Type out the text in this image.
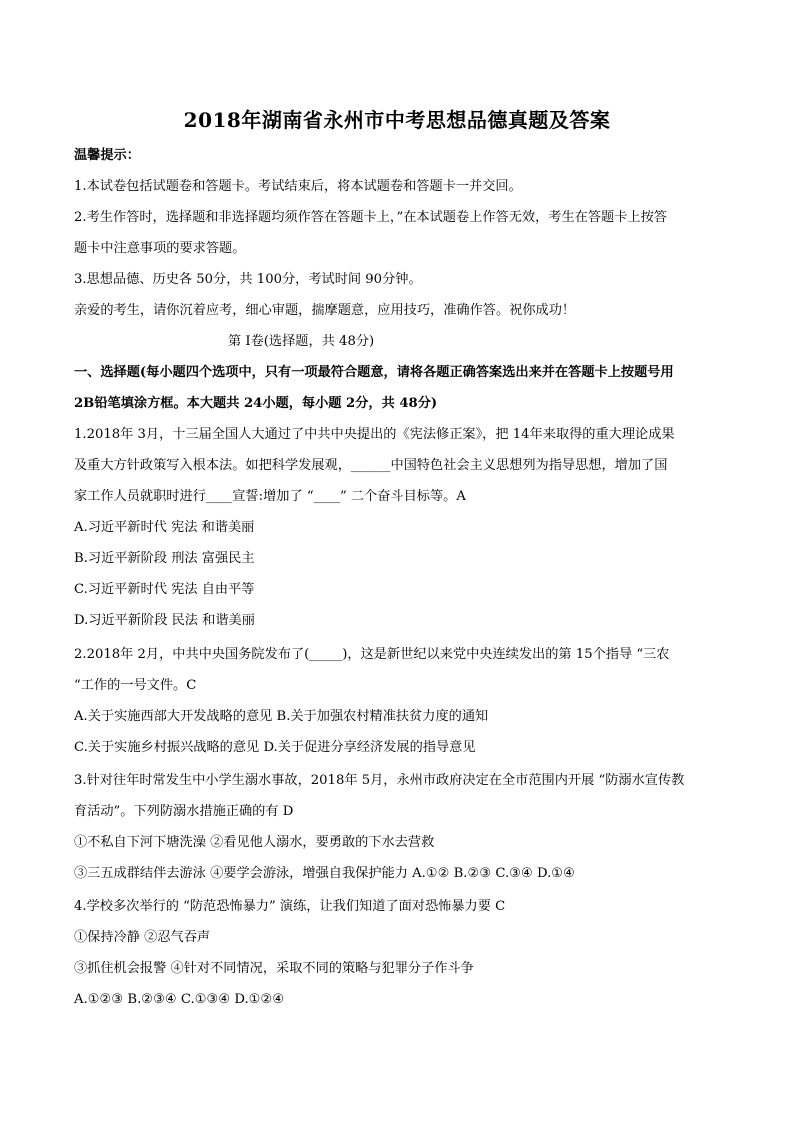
2018年湖南省永州市中考思想品德真题及答案
温馨提示：
1.本试卷包括试题卷和答题卡。考试结束后，将本试题卷和答题卡一并交回。
2.考生作答时，选择题和非选择题均须作答在答题卡上，”在本试题卷上作答无效，考生在答题卡上按答
题卡中注意事项的要求答题。
3.思想品德、历史各 50分，共 100分，考试时间 90分钟。
亲爱的考生，请你沉着应考，细心审题，揣摩题意，应用技巧，准确作答。祝你成功！
第 I卷(选择题，共 48分)
一、选择题(每小题四个选项中，只有一项最符合题意，请将各题正确答案选出来并在答题卡上按题号用
2B铅笔填涂方框。本大题共 24小题，每小题 2分，共 48分)
1.2018年 3月，十三届全国人大通过了中共中央提出的《宪法修正案》，把 14年来取得的重大理论成果
及重大方针政策写入根本法。如把科学发展观，______中国特色社会主义思想列为指导思想，增加了国
家工作人员就职时进行____宣誓:增加了 “____” 二个奋斗目标等。A
A.习近平新时代 宪法 和谐美丽
B.习近平新阶段 刑法 富强民主
C.习近平新时代 宪法 自由平等
D.习近平新阶段 民法 和谐美丽
2.2018年 2月，中共中央国务院发布了(_____)，这是新世纪以来党中央连续发出的第 15个指导 “三农
“工作的一号文件。C
A.关于实施西部大开发战略的意见 B.关于加强农村精准扶贫力度的通知
C.关于实施乡村振兴战略的意见 D.关于促进分享经济发展的指导意见
3.针对往年时常发生中小学生溺水事故，2018年 5月，永州市政府决定在全市范围内开展 “防溺水宣传教
育活动”。下列防溺水措施正确的有 D
①不私自下河下塘洗澡 ②看见他人溺水，要勇敢的下水去营救
③三五成群结伴去游泳 ④要学会游泳，增强自我保护能力 A.①② B.②③ C.③④ D.①④
4.学校多次举行的 “防范恐怖暴力” 演练，让我们知道了面对恐怖暴力要 C
①保持冷静 ②忍气吞声
③抓住机会报警 ④针对不同情况，采取不同的策略与犯罪分子作斗争
A.①②③ B.②③④ C.①③④ D.①②④
